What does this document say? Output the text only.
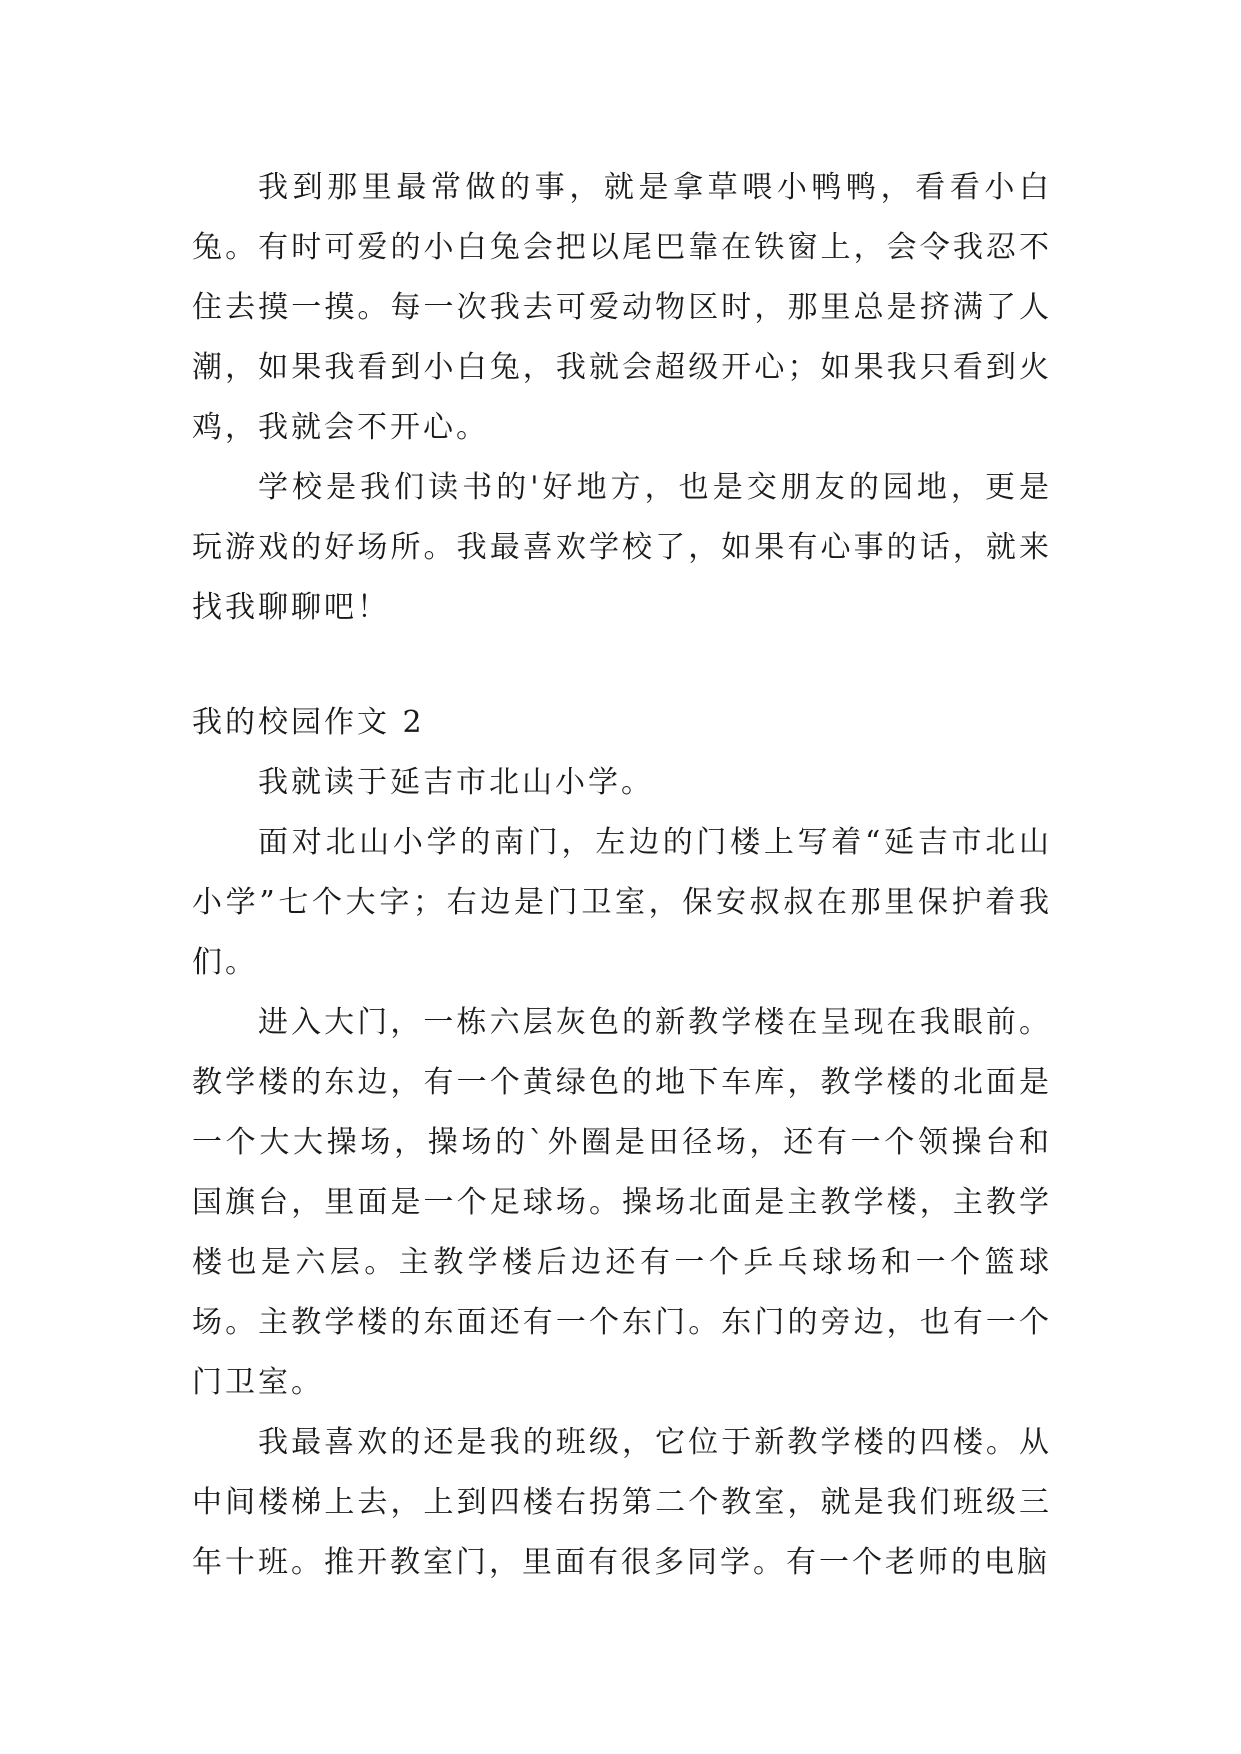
我到那里最常做的事，就是拿草喂小鸭鸭，看看小白兔。有时可爱的小白兔会把以尾巴靠在铁窗上，会令我忍不住去摸一摸。每一次我去可爱动物区时，那里总是挤满了人潮，如果我看到小白兔，我就会超级开心；如果我只看到火鸡，我就会不开心。

学校是我们读书的'好地方，也是交朋友的园地，更是玩游戏的好场所。我最喜欢学校了，如果有心事的话，就来找我聊聊吧！

我的校园作文 2

我就读于延吉市北山小学。

面对北山小学的南门，左边的门楼上写着“延吉市北山小学”七个大字；右边是门卫室，保安叔叔在那里保护着我们。

进入大门，一栋六层灰色的新教学楼在呈现在我眼前。教学楼的东边，有一个黄绿色的地下车库，教学楼的北面是一个大大操场，操场的`外圈是田径场，还有一个领操台和国旗台，里面是一个足球场。操场北面是主教学楼，主教学楼也是六层。主教学楼后边还有一个乒乓球场和一个篮球场。主教学楼的东面还有一个东门。东门的旁边，也有一个门卫室。

我最喜欢的还是我的班级，它位于新教学楼的四楼。从中间楼梯上去，上到四楼右拐第二个教室，就是我们班级三年十班。推开教室门，里面有很多同学。有一个老师的电脑
